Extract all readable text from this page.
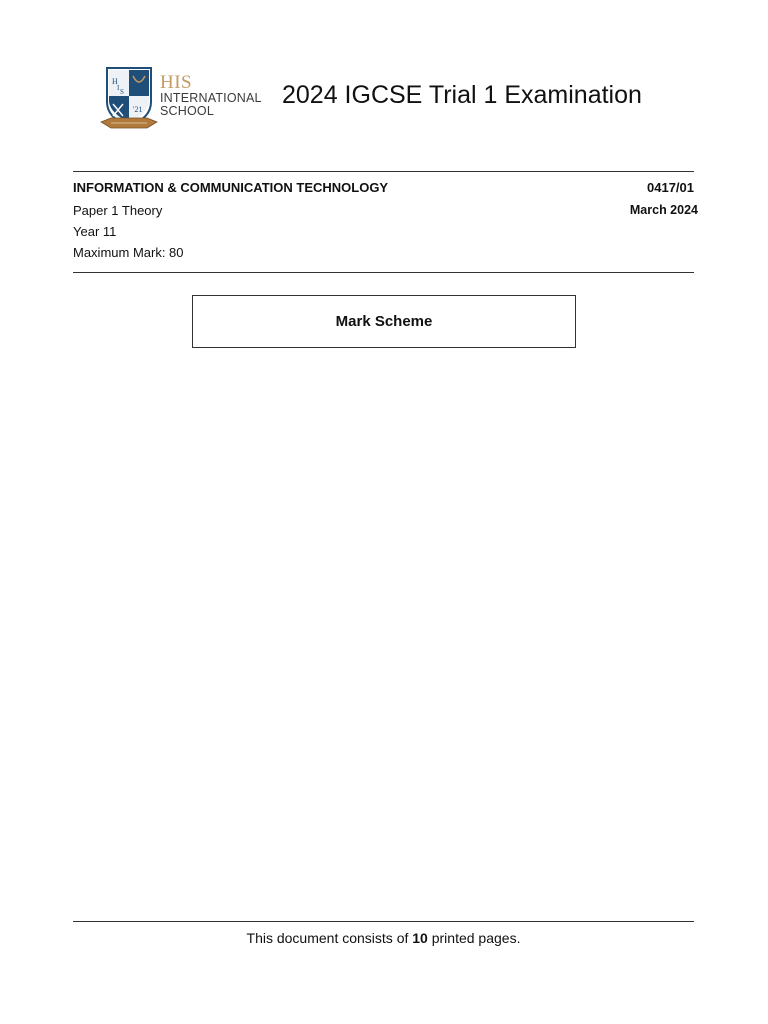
H
I S
'21
HIS
INTERNATIONAL
SCHOOL
2024 IGCSE Trial 1 Examination
INFORMATION & COMMUNICATION TECHNOLOGY	0417/01
Paper 1 Theory	March 2024
Year 11
Maximum Mark: 80
Mark Scheme
This document consists of 10 printed pages.
